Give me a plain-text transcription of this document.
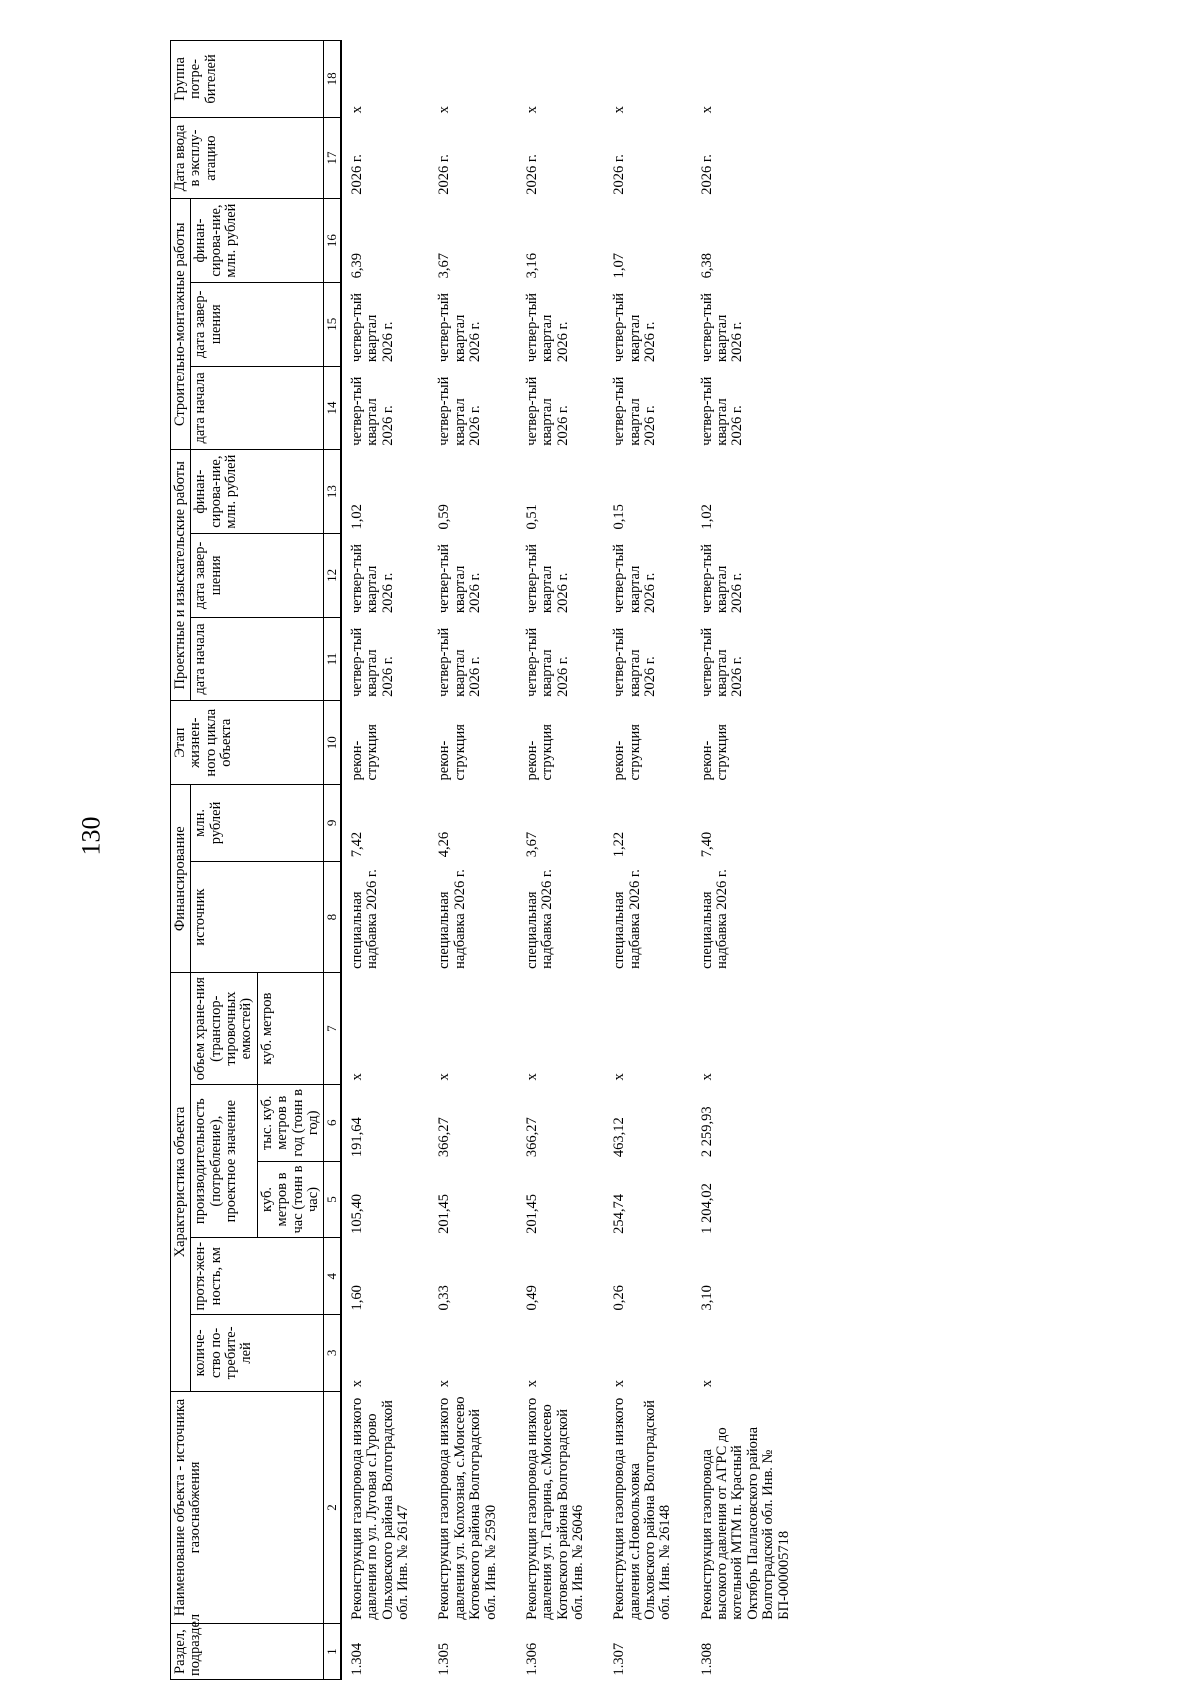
130
Раздел, подраздел	Наименование объекта - источника газоснабжения	Характеристика объекта					Финансирование		Этап жизнен-ного цикла объекта	Проектные и изыскательские работы			Строительно-монтажные работы			Дата ввода в эксплу-атацию	Группа потре-бителей
		количе-ство по-требите-лей	протя-жен-ность, км	производительность (потребление), проектное значение		объем хране-ния (транспор-тировочных емкостей)	источник	млн. рублей		дата начала	дата завер-шения	финан-сирова-ние, млн. рублей	дата начала	дата завер-шения	финан-сирова-ние, млн. рублей		
				куб. метров в час (тонн в час)	тыс. куб. метров в год (тонн в год)	куб. метров											
1	2	3	4	5	6	7	8	9	10	11	12	13	14	15	16	17	18
1.304	Реконструкция газопровода низкого давления по ул. Луговая с.Гурово Ольховского района Волгоградской обл. Инв. № 26147	x	1,60	105,40	191,64	x	специальная надбавка 2026 г.	7,42	рекон-струкция	четвер-тый квартал 2026 г.	четвер-тый квартал 2026 г.	1,02	четвер-тый квартал 2026 г.	четвер-тый квартал 2026 г.	6,39	2026 г.	x
1.305	Реконструкция газопровода низкого давления ул. Колхозная, с.Моисеево Котовского района Волгоградской обл. Инв. № 25930	x	0,33	201,45	366,27	x	специальная надбавка 2026 г.	4,26	рекон-струкция	четвер-тый квартал 2026 г.	четвер-тый квартал 2026 г.	0,59	четвер-тый квартал 2026 г.	четвер-тый квартал 2026 г.	3,67	2026 г.	x
1.306	Реконструкция газопровода низкого давления ул. Гагарина, с.Моисеево Котовского района Волгоградской обл. Инв. № 26046	x	0,49	201,45	366,27	x	специальная надбавка 2026 г.	3,67	рекон-струкция	четвер-тый квартал 2026 г.	четвер-тый квартал 2026 г.	0,51	четвер-тый квартал 2026 г.	четвер-тый квартал 2026 г.	3,16	2026 г.	x
1.307	Реконструкция газопровода низкого давления с.Новоольховка Ольховского района Волгоградской обл. Инв. № 26148	x	0,26	254,74	463,12	x	специальная надбавка 2026 г.	1,22	рекон-струкция	четвер-тый квартал 2026 г.	четвер-тый квартал 2026 г.	0,15	четвер-тый квартал 2026 г.	четвер-тый квартал 2026 г.	1,07	2026 г.	x
1.308	Реконструкция газопровода высокого давления от АГРС до котельной МТМ п. Красный Октябрь Палласовского района Волгоградской обл. Инв. № БП-000005718	x	3,10	1 204,02	2 259,93	x	специальная надбавка 2026 г.	7,40	рекон-струкция	четвер-тый квартал 2026 г.	четвер-тый квартал 2026 г.	1,02	четвер-тый квартал 2026 г.	четвер-тый квартал 2026 г.	6,38	2026 г.	x
